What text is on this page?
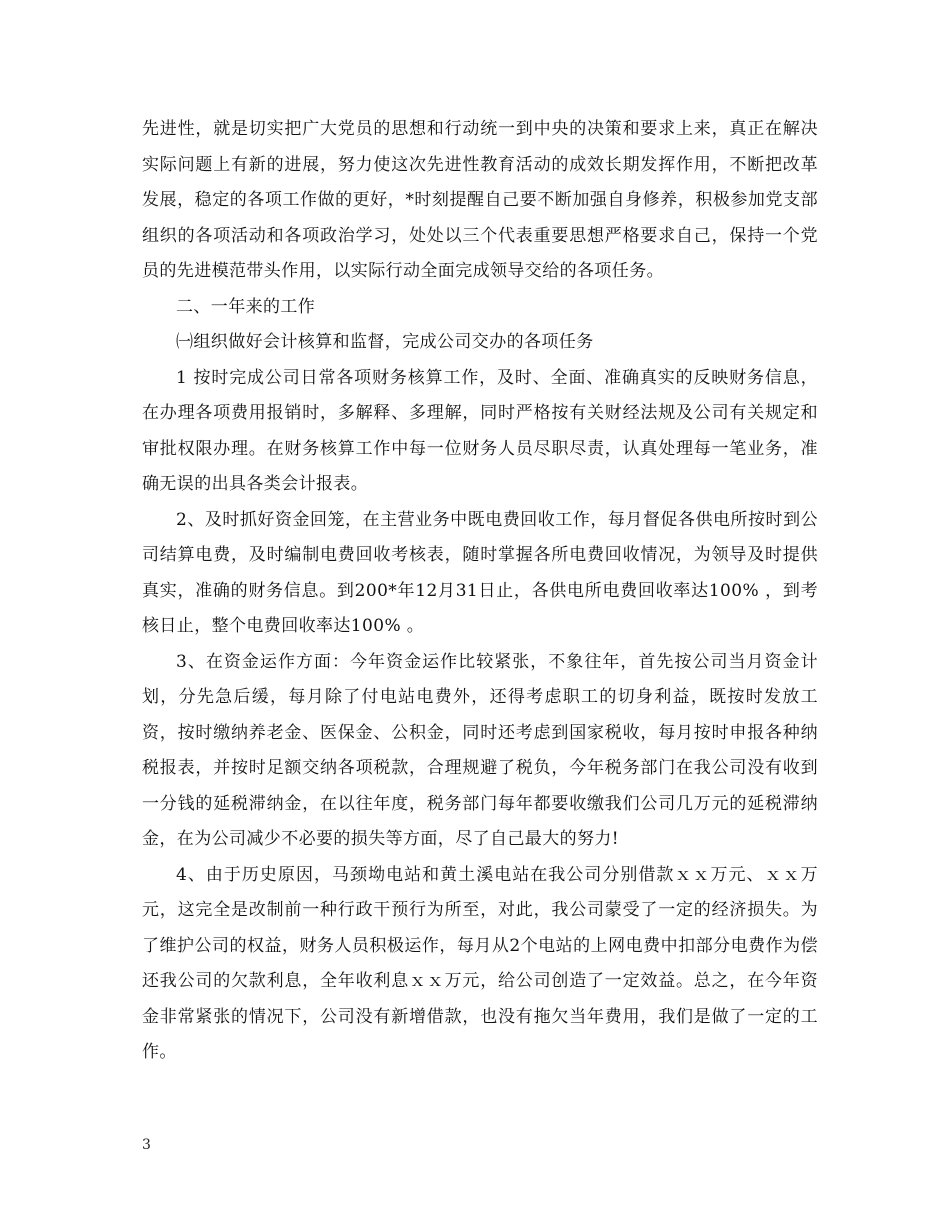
先进性，就是切实把广大党员的思想和行动统一到中央的决策和要求上来，真正在解决实际问题上有新的进展，努力使这次先进性教育活动的成效长期发挥作用，不断把改革发展，稳定的各项工作做的更好，*时刻提醒自己要不断加强自身修养，积极参加党支部组织的各项活动和各项政治学习，处处以三个代表重要思想严格要求自己，保持一个党员的先进模范带头作用，以实际行动全面完成领导交给的各项任务。

二、一年来的工作

㈠组织做好会计核算和监督，完成公司交办的各项任务

1 按时完成公司日常各项财务核算工作，及时、全面、准确真实的反映财务信息，在办理各项费用报销时，多解释、多理解，同时严格按有关财经法规及公司有关规定和审批权限办理。在财务核算工作中每一位财务人员尽职尽责，认真处理每一笔业务，准确无误的出具各类会计报表。

2、及时抓好资金回笼，在主营业务中既电费回收工作，每月督促各供电所按时到公司结算电费，及时编制电费回收考核表，随时掌握各所电费回收情况，为领导及时提供真实，准确的财务信息。到200*年12月31日止，各供电所电费回收率达100% ，到考核日止，整个电费回收率达100% 。

3、在资金运作方面：今年资金运作比较紧张，不象往年，首先按公司当月资金计划，分先急后缓，每月除了付电站电费外，还得考虑职工的切身利益，既按时发放工资，按时缴纳养老金、医保金、公积金，同时还考虑到国家税收，每月按时申报各种纳税报表，并按时足额交纳各项税款，合理规避了税负，今年税务部门在我公司没有收到一分钱的延税滞纳金，在以往年度，税务部门每年都要收缴我们公司几万元的延税滞纳金，在为公司减少不必要的损失等方面，尽了自己最大的努力!

4、由于历史原因，马颈坳电站和黄土溪电站在我公司分别借款ｘｘ万元、ｘｘ万元，这完全是改制前一种行政干预行为所至，对此，我公司蒙受了一定的经济损失。为了维护公司的权益，财务人员积极运作，每月从2个电站的上网电费中扣部分电费作为偿还我公司的欠款利息，全年收利息ｘｘ万元，给公司创造了一定效益。总之，在今年资金非常紧张的情况下，公司没有新增借款，也没有拖欠当年费用，我们是做了一定的工作。

3
